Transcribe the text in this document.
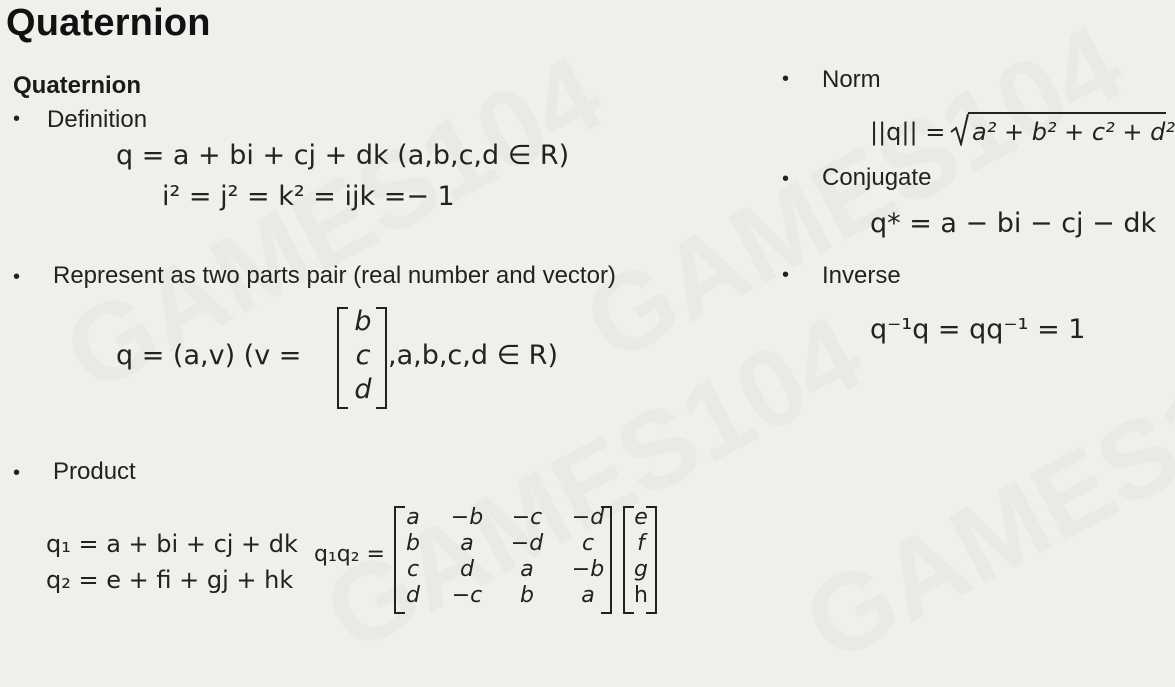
Quaternion
Quaternion
• Definition
q = a + bi + cj + dk (a,b,c,d ∈ R)
i² = j² = k² = ijk =− 1
• Represent as two parts pair (real number and vector)
q = (a,v) (v =
b
c
d
,a,b,c,d ∈ R)
• Product
q₁ = a + bi + cj + dk
q₂ = e + fi + gj + hk
q₁q₂ =
a	−b	−c	−d
b	a	−d	c
c	d	a	−b
d	−c	b	a
e
f
g
h
• Norm
||q|| = a² + b² + c² + d²
• Conjugate
q* = a − bi − cj − dk
• Inverse
q⁻¹q = qq⁻¹ = 1
